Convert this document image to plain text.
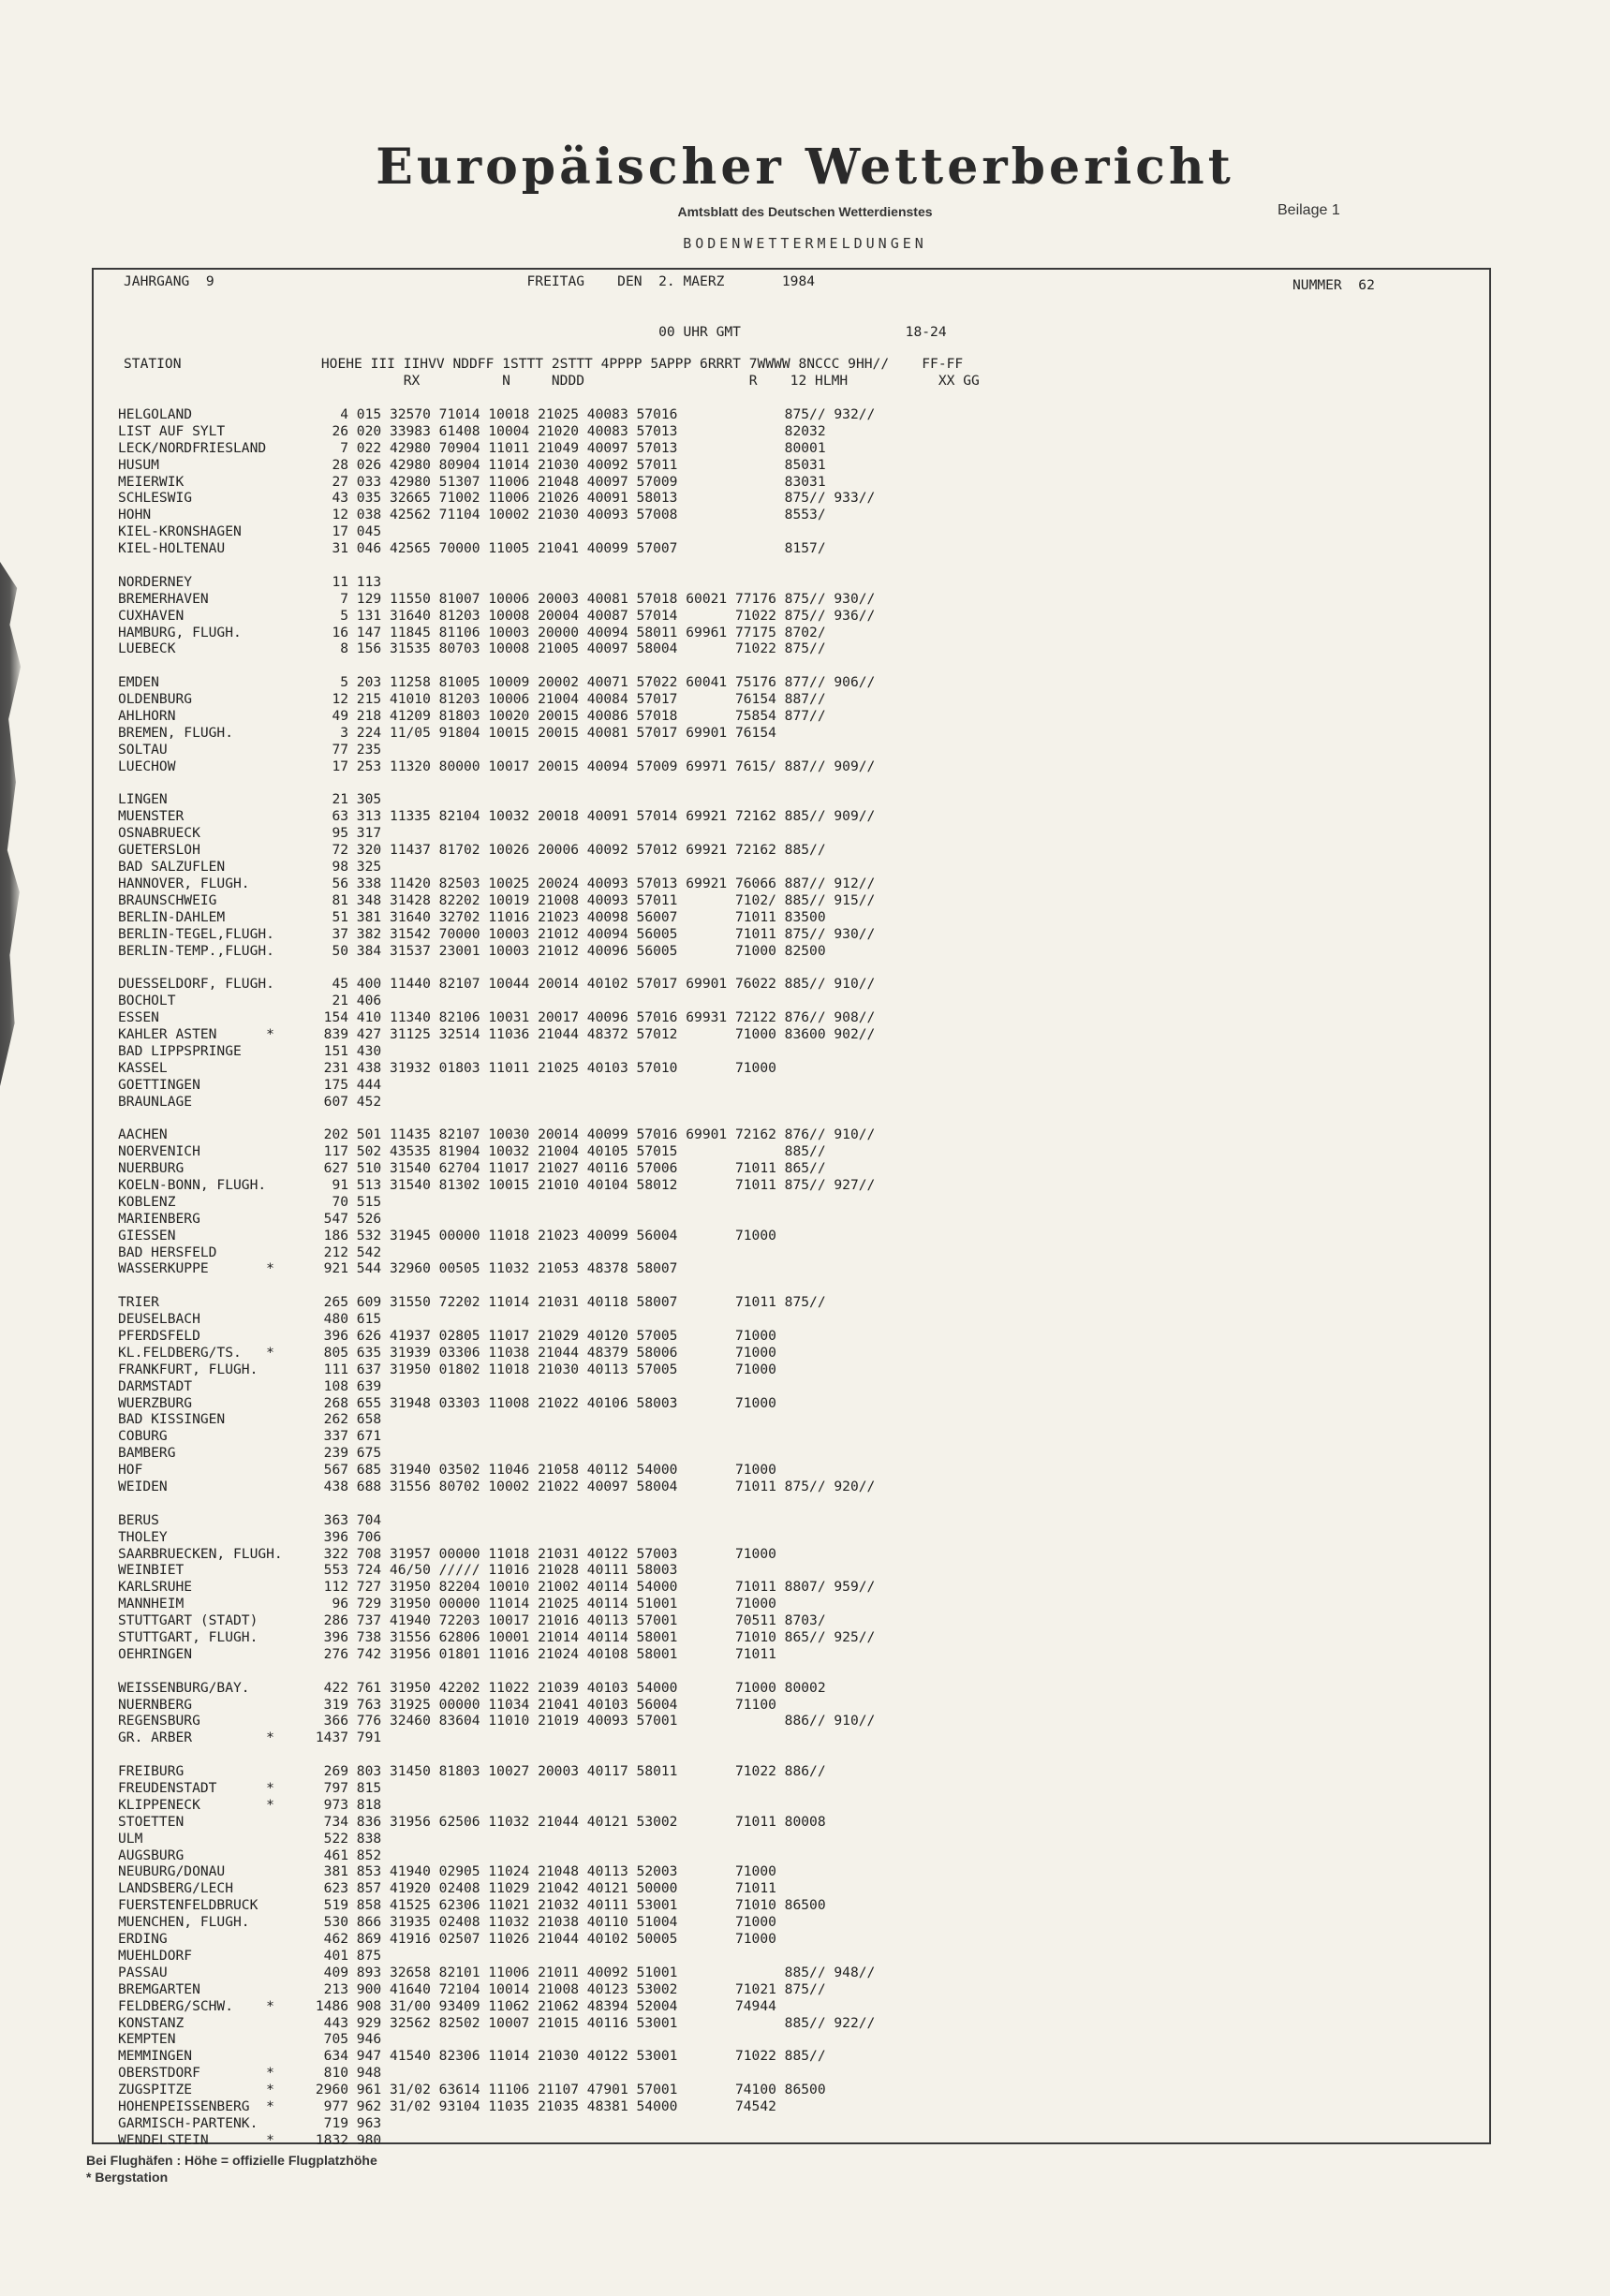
Europäischer Wetterbericht
Amtsblatt des Deutschen Wetterdienstes	Beilage 1
BODENWETTERMELDUNGEN
JAHRGANG  9                                      FREITAG    DEN  2. MAERZ       1984	NUMMER  62
00 UHR GMT                    18-24
STATION                 HOEHE III IIHVV NDDFF 1STTT 2STTT 4PPPP 5APPP 6RRRT 7WWWW 8NCCC 9HH//    FF-FF
RX          N     NDDD                    R    12 HLMH           XX GG
HELGOLAND                  4 015 32570 71014 10018 21025 40083 57016             875// 932//
LIST AUF SYLT             26 020 33983 61408 10004 21020 40083 57013             82032
LECK/NORDFRIESLAND         7 022 42980 70904 11011 21049 40097 57013             80001
HUSUM                     28 026 42980 80904 11014 21030 40092 57011             85031
MEIERWIK                  27 033 42980 51307 11006 21048 40097 57009             83031
SCHLESWIG                 43 035 32665 71002 11006 21026 40091 58013             875// 933//
HOHN                      12 038 42562 71104 10002 21030 40093 57008             8553/
KIEL-KRONSHAGEN           17 045
KIEL-HOLTENAU             31 046 42565 70000 11005 21041 40099 57007             8157/
NORDERNEY                 11 113
BREMERHAVEN                7 129 11550 81007 10006 20003 40081 57018 60021 77176 875// 930//
CUXHAVEN                   5 131 31640 81203 10008 20004 40087 57014       71022 875// 936//
HAMBURG, FLUGH.           16 147 11845 81106 10003 20000 40094 58011 69961 77175 8702/
LUEBECK                    8 156 31535 80703 10008 21005 40097 58004       71022 875//
EMDEN                      5 203 11258 81005 10009 20002 40071 57022 60041 75176 877// 906//
OLDENBURG                 12 215 41010 81203 10006 21004 40084 57017       76154 887//
AHLHORN                   49 218 41209 81803 10020 20015 40086 57018       75854 877//
BREMEN, FLUGH.             3 224 11/05 91804 10015 20015 40081 57017 69901 76154
SOLTAU                    77 235
LUECHOW                   17 253 11320 80000 10017 20015 40094 57009 69971 7615/ 887// 909//
LINGEN                    21 305
MUENSTER                  63 313 11335 82104 10032 20018 40091 57014 69921 72162 885// 909//
OSNABRUECK                95 317
GUETERSLOH                72 320 11437 81702 10026 20006 40092 57012 69921 72162 885//
BAD SALZUFLEN             98 325
HANNOVER, FLUGH.          56 338 11420 82503 10025 20024 40093 57013 69921 76066 887// 912//
BRAUNSCHWEIG              81 348 31428 82202 10019 21008 40093 57011       7102/ 885// 915//
BERLIN-DAHLEM             51 381 31640 32702 11016 21023 40098 56007       71011 83500
BERLIN-TEGEL,FLUGH.       37 382 31542 70000 10003 21012 40094 56005       71011 875// 930//
BERLIN-TEMP.,FLUGH.       50 384 31537 23001 10003 21012 40096 56005       71000 82500
DUESSELDORF, FLUGH.       45 400 11440 82107 10044 20014 40102 57017 69901 76022 885// 910//
BOCHOLT                   21 406
ESSEN                    154 410 11340 82106 10031 20017 40096 57016 69931 72122 876// 908//
KAHLER ASTEN      *      839 427 31125 32514 11036 21044 48372 57012       71000 83600 902//
BAD LIPPSPRINGE          151 430
KASSEL                   231 438 31932 01803 11011 21025 40103 57010       71000
GOETTINGEN               175 444
BRAUNLAGE                607 452
AACHEN                   202 501 11435 82107 10030 20014 40099 57016 69901 72162 876// 910//
NOERVENICH               117 502 43535 81904 10032 21004 40105 57015             885//
NUERBURG                 627 510 31540 62704 11017 21027 40116 57006       71011 865//
KOELN-BONN, FLUGH.        91 513 31540 81302 10015 21010 40104 58012       71011 875// 927//
KOBLENZ                   70 515
MARIENBERG               547 526
GIESSEN                  186 532 31945 00000 11018 21023 40099 56004       71000
BAD HERSFELD             212 542
WASSERKUPPE       *      921 544 32960 00505 11032 21053 48378 58007
TRIER                    265 609 31550 72202 11014 21031 40118 58007       71011 875//
DEUSELBACH               480 615
PFERDSFELD               396 626 41937 02805 11017 21029 40120 57005       71000
KL.FELDBERG/TS.   *      805 635 31939 03306 11038 21044 48379 58006       71000
FRANKFURT, FLUGH.        111 637 31950 01802 11018 21030 40113 57005       71000
DARMSTADT                108 639
WUERZBURG                268 655 31948 03303 11008 21022 40106 58003       71000
BAD KISSINGEN            262 658
COBURG                   337 671
BAMBERG                  239 675
HOF                      567 685 31940 03502 11046 21058 40112 54000       71000
WEIDEN                   438 688 31556 80702 10002 21022 40097 58004       71011 875// 920//
BERUS                    363 704
THOLEY                   396 706
SAARBRUECKEN, FLUGH.     322 708 31957 00000 11018 21031 40122 57003       71000
WEINBIET                 553 724 46/50 ///// 11016 21028 40111 58003
KARLSRUHE                112 727 31950 82204 10010 21002 40114 54000       71011 8807/ 959//
MANNHEIM                  96 729 31950 00000 11014 21025 40114 51001       71000
STUTTGART (STADT)        286 737 41940 72203 10017 21016 40113 57001       70511 8703/
STUTTGART, FLUGH.        396 738 31556 62806 10001 21014 40114 58001       71010 865// 925//
OEHRINGEN                276 742 31956 01801 11016 21024 40108 58001       71011
WEISSENBURG/BAY.         422 761 31950 42202 11022 21039 40103 54000       71000 80002
NUERNBERG                319 763 31925 00000 11034 21041 40103 56004       71100
REGENSBURG               366 776 32460 83604 11010 21019 40093 57001             886// 910//
GR. ARBER         *     1437 791
FREIBURG                 269 803 31450 81803 10027 20003 40117 58011       71022 886//
FREUDENSTADT      *      797 815
KLIPPENECK        *      973 818
STOETTEN                 734 836 31956 62506 11032 21044 40121 53002       71011 80008
ULM                      522 838
AUGSBURG                 461 852
NEUBURG/DONAU            381 853 41940 02905 11024 21048 40113 52003       71000
LANDSBERG/LECH           623 857 41920 02408 11029 21042 40121 50000       71011
FUERSTENFELDBRUCK        519 858 41525 62306 11021 21032 40111 53001       71010 86500
MUENCHEN, FLUGH.         530 866 31935 02408 11032 21038 40110 51004       71000
ERDING                   462 869 41916 02507 11026 21044 40102 50005       71000
MUEHLDORF                401 875
PASSAU                   409 893 32658 82101 11006 21011 40092 51001             885// 948//
BREMGARTEN               213 900 41640 72104 10014 21008 40123 53002       71021 875//
FELDBERG/SCHW.    *     1486 908 31/00 93409 11062 21062 48394 52004       74944
KONSTANZ                 443 929 32562 82502 10007 21015 40116 53001             885// 922//
KEMPTEN                  705 946
MEMMINGEN                634 947 41540 82306 11014 21030 40122 53001       71022 885//
OBERSTDORF        *      810 948
ZUGSPITZE         *     2960 961 31/02 63614 11106 21107 47901 57001       74100 86500
HOHENPEISSENBERG  *      977 962 31/02 93104 11035 21035 48381 54000       74542
GARMISCH-PARTENK.        719 963
WENDELSTEIN       *     1832 980
Bei Flughäfen : Höhe = offizielle Flugplatzhöhe
* Bergstation
